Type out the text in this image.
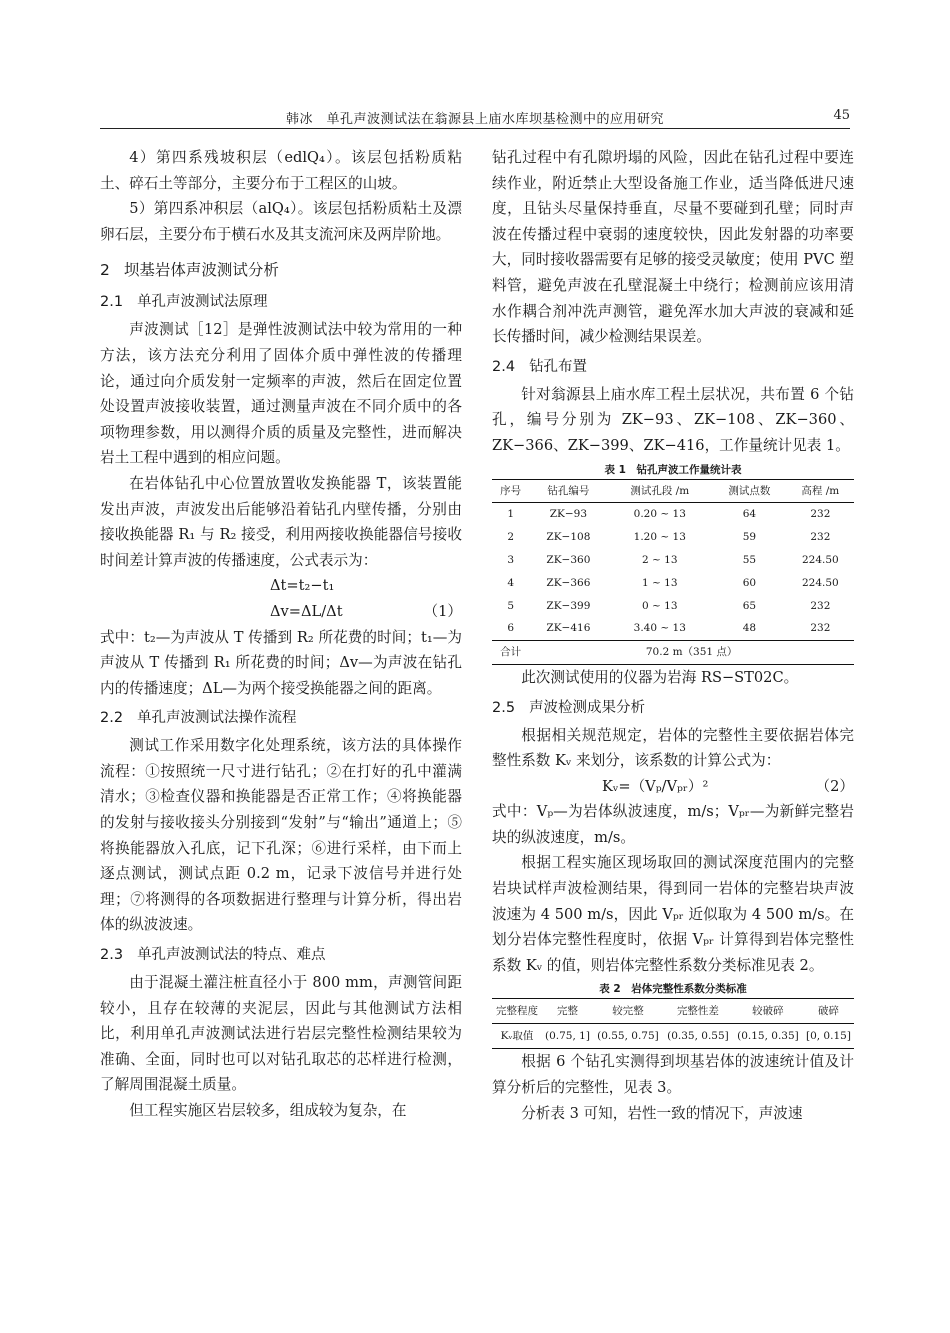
韩冰　单孔声波测试法在翁源县上庙水库坝基检测中的应用研究	45

4）第四系残坡积层（edlQ₄）。该层包括粉质粘土、碎石土等部分，主要分布于工程区的山坡。

5）第四系冲积层（alQ₄）。该层包括粉质粘土及漂卵石层，主要分布于横石水及其支流河床及两岸阶地。

2 坝基岩体声波测试分析
2.1 单孔声波测试法原理

声波测试［12］是弹性波测试法中较为常用的一种方法，该方法充分利用了固体介质中弹性波的传播理论，通过向介质发射一定频率的声波，然后在固定位置处设置声波接收装置，通过测量声波在不同介质中的各项物理参数，用以测得介质的质量及完整性，进而解决岩土工程中遇到的相应问题。

在岩体钻孔中心位置放置收发换能器 T，该装置能发出声波，声波发出后能够沿着钻孔内壁传播，分别由接收换能器 R₁ 与 R₂ 接受，利用两接收换能器信号接收时间差计算声波的传播速度，公式表示为：

Δt=t₂−t₁
Δv=ΔL/Δt	（1）

式中：t₂—为声波从 T 传播到 R₂ 所花费的时间；t₁—为声波从 T 传播到 R₁ 所花费的时间；Δv—为声波在钻孔内的传播速度；ΔL—为两个接受换能器之间的距离。

2.2 单孔声波测试法操作流程

测试工作采用数字化处理系统，该方法的具体操作流程：①按照统一尺寸进行钻孔；②在打好的孔中灌满清水；③检查仪器和换能器是否正常工作；④将换能器的发射与接收接头分别接到“发射”与“输出”通道上；⑤将换能器放入孔底，记下孔深；⑥进行采样，由下而上逐点测试，测试点距 0.2 m，记录下波信号并进行处理；⑦将测得的各项数据进行整理与计算分析，得出岩体的纵波波速。

2.3 单孔声波测试法的特点、难点

由于混凝土灌注桩直径小于 800 mm，声测管间距较小，且存在较薄的夹泥层，因此与其他测试方法相比，利用单孔声波测试法进行岩层完整性检测结果较为准确、全面，同时也可以对钻孔取芯的芯样进行检测，了解周围混凝土质量。

但工程实施区岩层较多，组成较为复杂，在

钻孔过程中有孔隙坍塌的风险，因此在钻孔过程中要连续作业，附近禁止大型设备施工作业，适当降低进尺速度，且钻头尽量保持垂直，尽量不要碰到孔壁；同时声波在传播过程中衰弱的速度较快，因此发射器的功率要大，同时接收器需要有足够的接受灵敏度；使用 PVC 塑料管，避免声波在孔壁混凝土中绕行；检测前应该用清水作耦合剂冲洗声测管，避免浑水加大声波的衰减和延长传播时间，减少检测结果误差。

2.4 钻孔布置

针对翁源县上庙水库工程土层状况，共布置 6 个钻孔，编号分别为 ZK−93、ZK−108、ZK−360、ZK−366、ZK−399、ZK−416，工作量统计见表 1。

表 1　钻孔声波工作量统计表
序号	钻孔编号	测试孔段 /m	测试点数	高程 /m
1	ZK−93	0.20 ~ 13	64	232
2	ZK−108	1.20 ~ 13	59	232
3	ZK−360	2 ~ 13	55	224.50
4	ZK−366	1 ~ 13	60	224.50
5	ZK−399	0 ~ 13	65	232
6	ZK−416	3.40 ~ 13	48	232
合计	70.2 m（351 点）			

此次测试使用的仪器为岩海 RS−ST02C。

2.5 声波检测成果分析

根据相关规范规定，岩体的完整性主要依据岩体完整性系数 Kᵥ 来划分，该系数的计算公式为：

Kᵥ=（Vₚ/Vₚᵣ）²	（2）

式中：Vₚ—为岩体纵波速度，m/s；Vₚᵣ—为新鲜完整岩块的纵波速度，m/s。

根据工程实施区现场取回的测试深度范围内的完整岩块试样声波检测结果，得到同一岩体的完整岩块声波波速为 4 500 m/s，因此 Vₚᵣ 近似取为 4 500 m/s。在划分岩体完整性程度时，依据 Vₚᵣ 计算得到岩体完整性系数 Kᵥ 的值，则岩体完整性系数分类标准见表 2。

表 2　岩体完整性系数分类标准
完整程度	完整	较完整	完整性差	较破碎	破碎
Kᵥ取值	(0.75, 1]	(0.55, 0.75]	(0.35, 0.55]	(0.15, 0.35]	[0, 0.15]

根据 6 个钻孔实测得到坝基岩体的波速统计值及计算分析后的完整性，见表 3。

分析表 3 可知，岩性一致的情况下，声波速
